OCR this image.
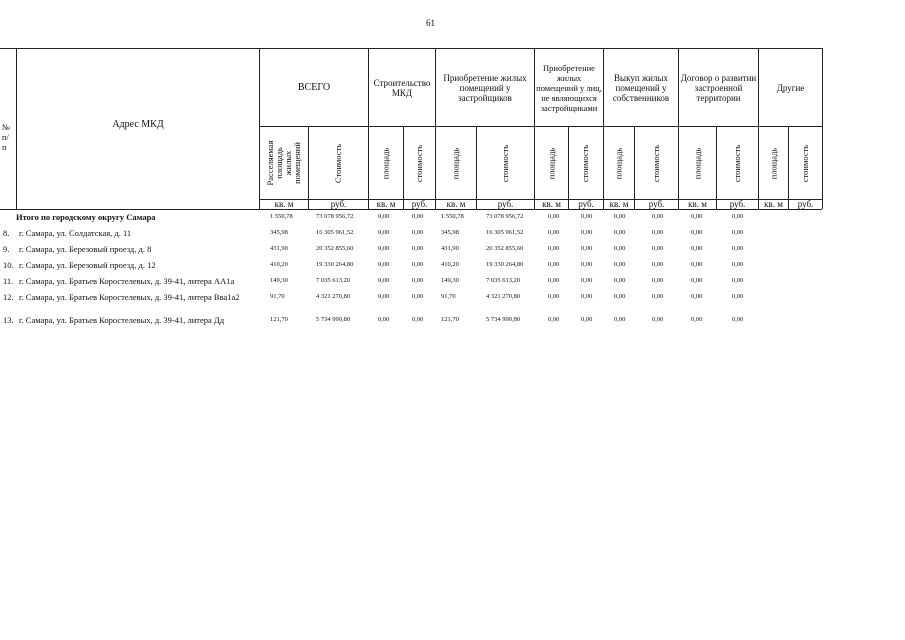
61
№
п/п
Адрес МКД
ВСЕГО	Строительство МКД
Приобретение жилых помещений у застройщиков
Приобретение жилых помещений у лиц, не являющихся застройщиками
Выкуп жилых помещений у собственников
Договор о развитии застроенной территории
Другие
Расселяемая площадь жилых помещений	Стоимость	площадь	стоимость	площадь	стоимость	площадь	стоимость	площадь	стоимость	площадь	стоимость	площадь	стоимость
кв. м	руб.	кв. м	руб.	кв. м	руб.	кв. м	руб.	кв. м	руб.	кв. м	руб.	кв. м	руб.
Итого по городскому округу Самара	1 550,78	73 078 956,72	0,00	0,00	1 550,78	73 078 956,72	0,00	0,00	0,00	0,00	0,00	0,00
8. г. Самара, ул. Солдатская, д. 11	345,98	16 305 961,52	0,00	0,00	345,98	16 305 961,52	0,00	0,00	0,00	0,00	0,00	0,00
9. г. Самара, ул. Березовый проезд, д. 8	431,90	20 352 855,60	0,00	0,00	431,90	20 352 855,60	0,00	0,00	0,00	0,00	0,00	0,00
10. г. Самара, ул. Березовый проезд, д. 12	410,20	19 330 264,80	0,00	0,00	410,20	19 330 264,80	0,00	0,00	0,00	0,00	0,00	0,00
11. г. Самара, ул. Братьев Коростелевых, д. 39-41, литера АА1а	149,30	7 035 613,20	0,00	0,00	149,30	7 035 613,20	0,00	0,00	0,00	0,00	0,00	0,00
12. г. Самара, ул. Братьев Коростелевых, д. 39-41, литера Вва1а2	91,70	4 321 270,80	0,00	0,00	91,70	4 321 270,80	0,00	0,00	0,00	0,00	0,00	0,00
13. г. Самара, ул. Братьев Коростелевых, д. 39-41, литера Дд	121,70	5 734 990,80	0,00	0,00	121,70	5 734 990,80	0,00	0,00	0,00	0,00	0,00	0,00
